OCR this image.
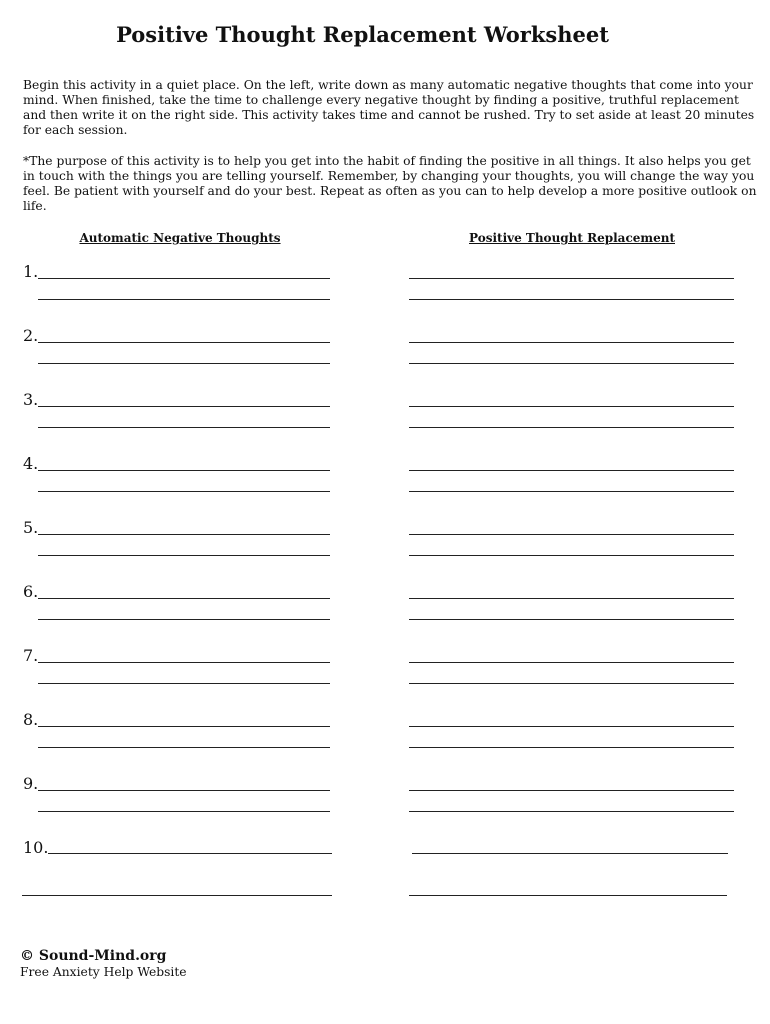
Positive Thought Replacement Worksheet

Begin this activity in a quiet place. On the left, write down as many automatic negative thoughts that come into your mind. When finished, take the time to challenge every negative thought by finding a positive, truthful replacement and then write it on the right side. This activity takes time and cannot be rushed. Try to set aside at least 20 minutes for each session.

*The purpose of this activity is to help you get into the habit of finding the positive in all things. It also helps you get in touch with the things you are telling yourself. Remember, by changing your thoughts, you will change the way you feel. Be patient with yourself and do your best. Repeat as often as you can to help develop a more positive outlook on life.

Automatic Negative Thoughts	Positive Thought Replacement
1.
2.
3.
4.
5.
6.
7.
8.
9.
10.
© Sound-Mind.org
Free Anxiety Help Website
